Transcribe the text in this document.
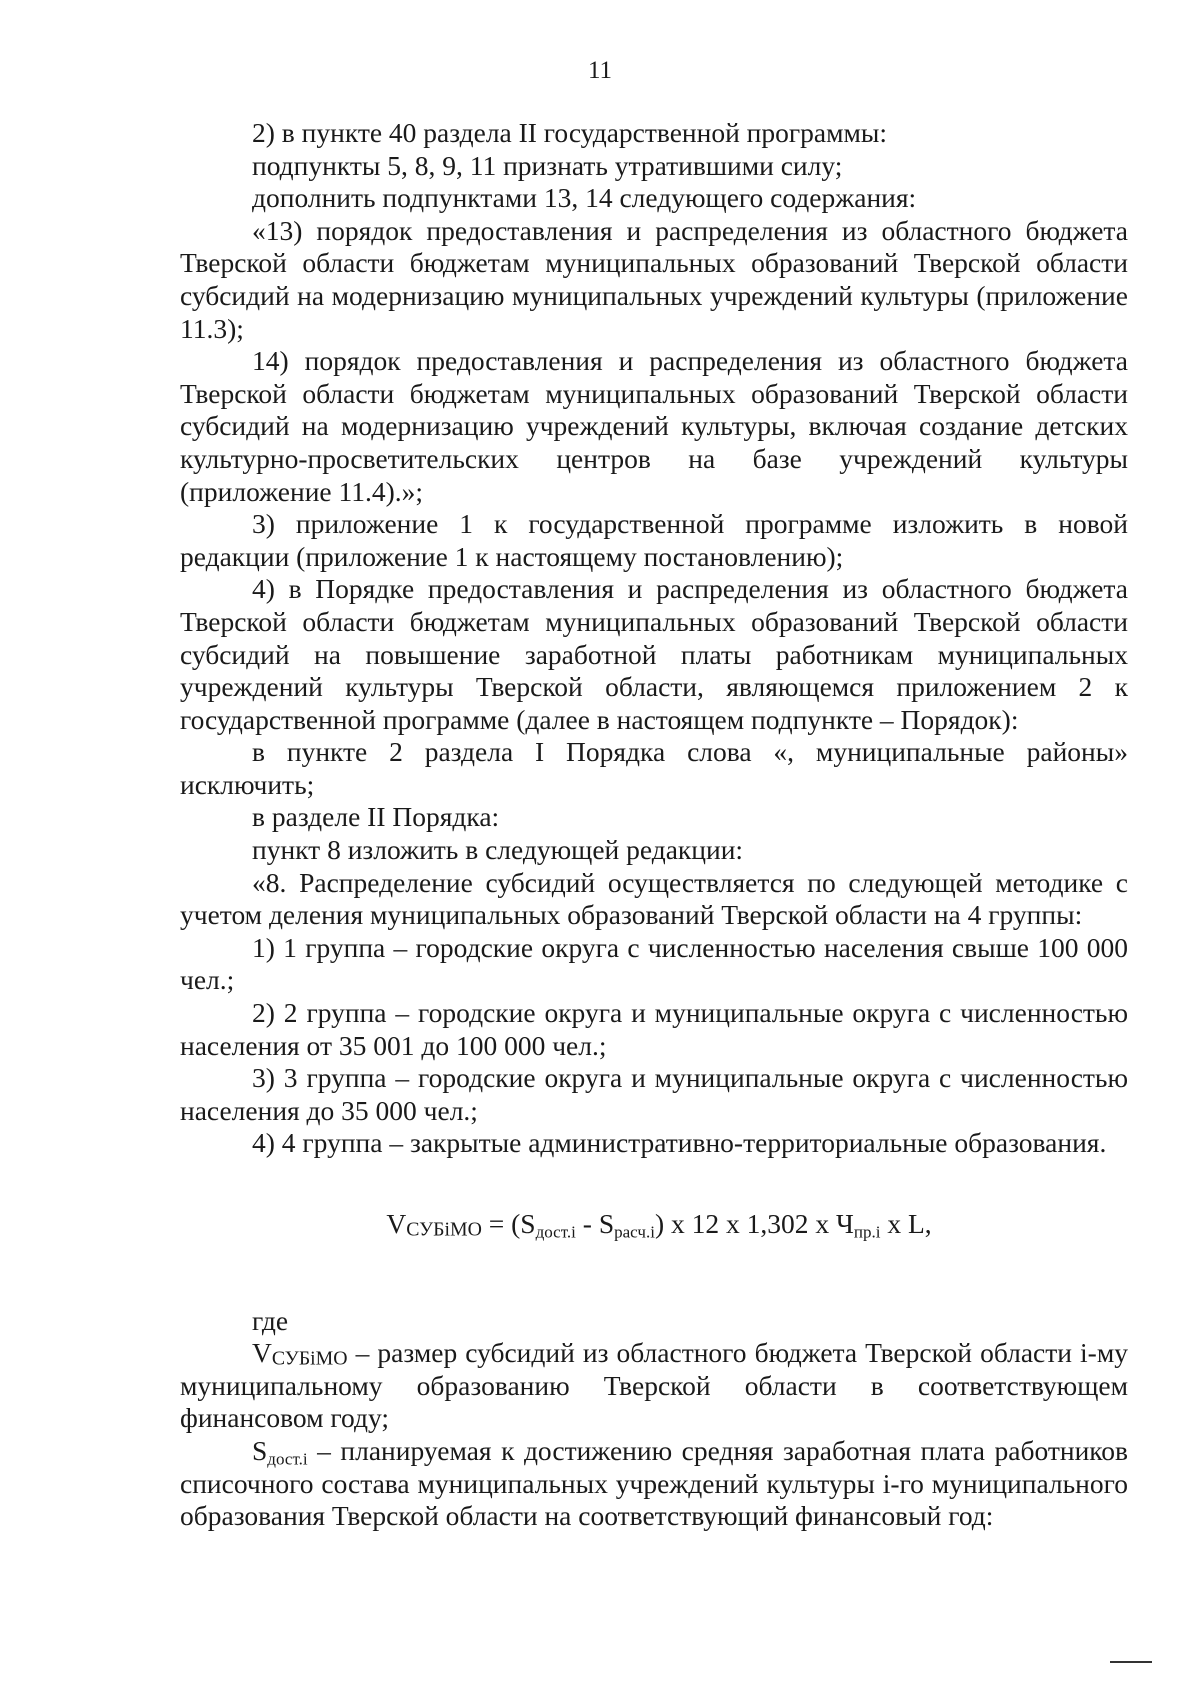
11

2) в пункте 40 раздела II государственной программы:

подпункты 5, 8, 9, 11 признать утратившими силу;

дополнить подпунктами 13, 14 следующего содержания:

«13) порядок предоставления и распределения из областного бюджета Тверской области бюджетам муниципальных образований Тверской области субсидий на модернизацию муниципальных учреждений культуры (приложение 11.3);

14) порядок предоставления и распределения из областного бюджета Тверской области бюджетам муниципальных образований Тверской области субсидий на модернизацию учреждений культуры, включая создание детских культурно-просветительских центров на базе учреждений культуры (приложение 11.4).»;

3) приложение 1 к государственной программе изложить в новой редакции (приложение 1 к настоящему постановлению);

4) в Порядке предоставления и распределения из областного бюджета Тверской области бюджетам муниципальных образований Тверской области субсидий на повышение заработной платы работникам муниципальных учреждений культуры Тверской области, являющемся приложением 2 к государственной программе (далее в настоящем подпункте – Порядок):

в пункте 2 раздела I Порядка слова «, муниципальные районы» исключить;

в разделе II Порядка:

пункт 8 изложить в следующей редакции:

«8. Распределение субсидий осуществляется по следующей методике с учетом деления муниципальных образований Тверской области на 4 группы:

1) 1 группа – городские округа с численностью населения свыше 100 000 чел.;

2) 2 группа – городские округа и муниципальные округа с численностью населения от 35 001 до 100 000 чел.;

3) 3 группа – городские округа и муниципальные округа с численностью населения до 35 000 чел.;

4) 4 группа – закрытые административно-территориальные образования.

VСУБiМО = $(S_{дост.i} - S_{расч.i})$ x 12 x 1,302 x $Ч_{пр.i}$ x L,

где

VСУБiМО – размер субсидий из областного бюджета Тверской области i-му муниципальному образованию Тверской области в соответствующем финансовом году;

$S_{дост.i}$ – планируемая к достижению средняя заработная плата работников списочного состава муниципальных учреждений культуры i-го муниципального образования Тверской области на соответствующий финансовый год:
